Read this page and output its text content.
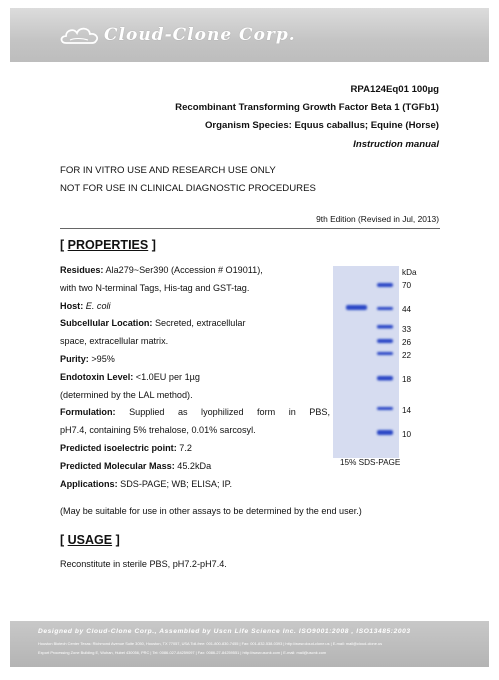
Cloud-Clone Corp.
RPA124Eq01 100µg
Recombinant Transforming Growth Factor Beta 1 (TGFb1)
Organism Species: Equus caballus; Equine (Horse)
Instruction manual
FOR IN VITRO USE AND RESEARCH USE ONLY
NOT FOR USE IN CLINICAL DIAGNOSTIC PROCEDURES
9th Edition (Revised in Jul, 2013)
[ PROPERTIES ]
Residues: Ala279~Ser390 (Accession # O19011),
with two N-terminal Tags, His-tag and GST-tag.
Host: E. coli
Subcellular Location: Secreted, extracellular
space, extracellular matrix.
Purity: >95%
Endotoxin Level: <1.0EU per 1µg
(determined by the LAL method).
Formulation: Supplied as lyophilized form in PBS,
pH7.4, containing 5% trehalose, 0.01% sarcosyl.
Predicted isoelectric point: 7.2
Predicted Molecular Mass: 45.2kDa
Applications: SDS-PAGE; WB; ELISA; IP.
kDa
70
44
33
26
22
18
14
10
15% SDS-PAGE
(May be suitable for use in other assays to be determined by the end user.)
[ USAGE ]
Reconstitute in sterile PBS, pH7.2-pH7.4.
Designed by Cloud-Clone Corp., Assembled by Uscn Life Science Inc. ISO9001:2008 , ISO13485:2003
Houston Biotech Center Texas: Richmond Avenue Suite 3050, Houston, TX 77057, USA Toll-free: 001-800-830-7455 | Fax: 001-832-538-0393 | http://www.cloud-clone.us | E-mail: mail@cloud-clone.us
Export Processing Zone Building E, Wuhan, Hubei 430056, PRC | Tel: 0086-027-84259097 | Fax: 0086-27-84259551 | http://www.uscnk.com | E-mail: mail@uscnk.com
